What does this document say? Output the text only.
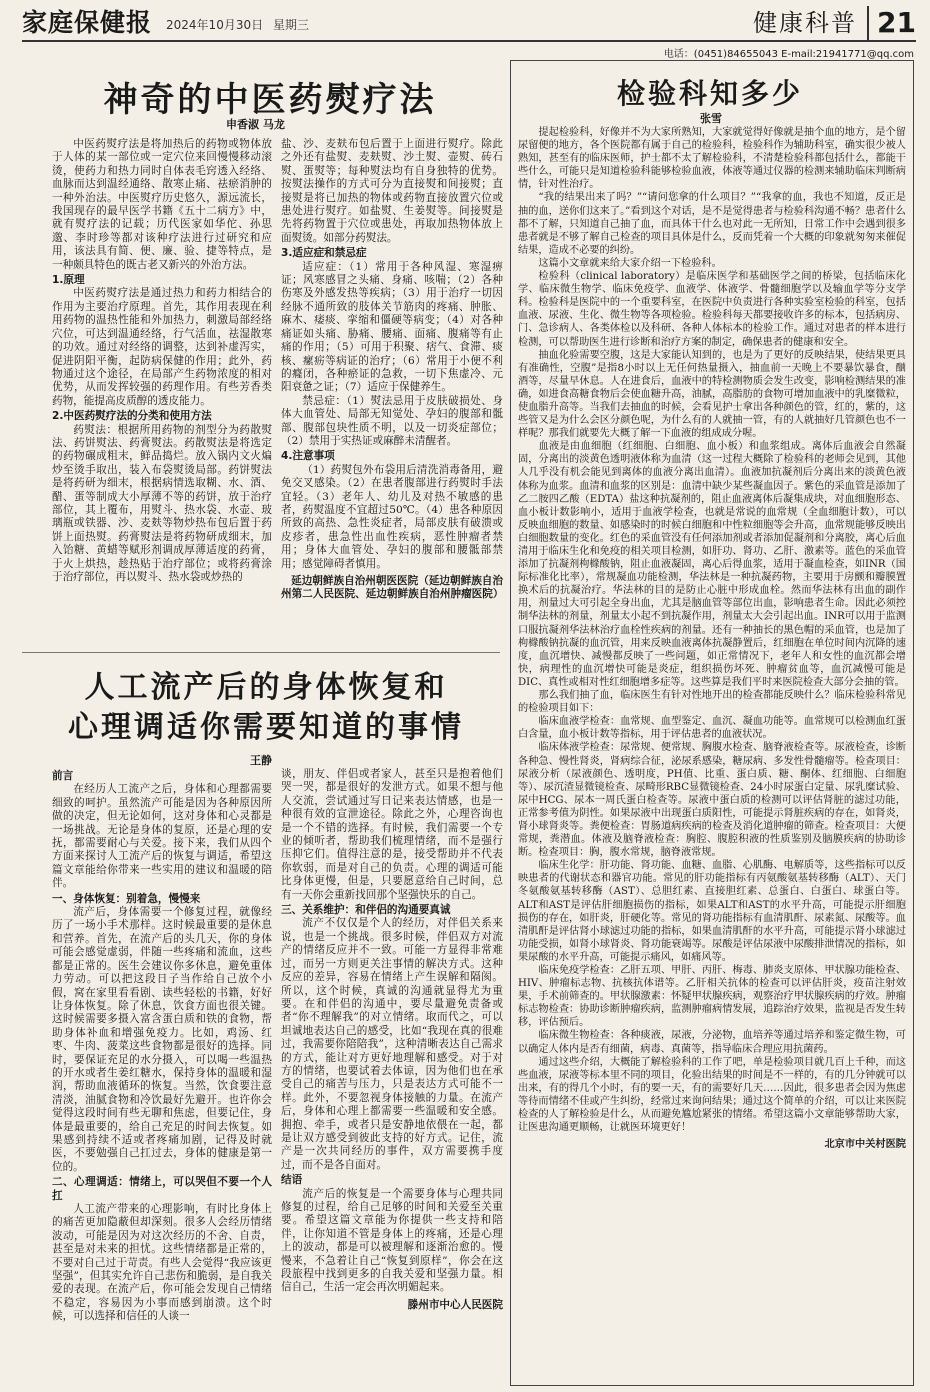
家庭保健报 2024年10月30日 星期三	健康科普 21
电话：(0451)84655043 E-mail:21941771@qq.com
神奇的中医药熨疗法
申香淑 马龙

中医药熨疗法是将加热后的药物或物体放于人体的某一部位或一定穴位来回慢慢移动滚烫，使药力和热力同时自体表毛窍透入经络、血脉而达到温经通络、散寒止痛、祛瘀消肿的一种外治法。中医熨疗历史悠久，源远流长，我国现存的最早医学书籍《五十二病方》中，就有熨疗法的记载；历代医家如华佗、孙思邈、李时珍等都对该种疗法进行过研究和应用，该法具有简、便、廉、验、捷等特点，是一种颇具特色的既古老又新兴的外治方法。

1.原理

中医药熨疗法是通过热力和药力相结合的作用为主要治疗原理。首先，其作用表现在利用药物的温热性能和外加热力，刺激局部经络穴位，可达到温通经络，行气活血，祛湿散寒的功效。通过对经络的调整，达到补虚泻实，促进阴阳平衡，起防病保健的作用；此外，药物通过这个途径，在局部产生药物浓度的相对优势，从而发挥较强的药理作用。有些芳香类药物，能提高皮质醇的透皮能力。

2.中医药熨疗法的分类和使用方法

药熨法：根据所用药物的剂型分为药散熨法、药饼熨法、药膏熨法。药散熨法是将选定的药物碾成粗末，鲜品捣烂。放入锅内文火煸炒至烫手取出，装入布袋熨烫局部。药饼熨法是将药研为细末，根据病情选取糊、水、酒、醋、蛋等制成大小厚薄不等的药饼，放于治疗部位，其上覆布，用熨斗、热水袋、水壶、玻璃瓶或铁器、沙、麦麸等物炒热布包后置于药饼上面热熨。药膏熨法是将药物研成细末，加入饴糖、黄蜡等赋形剂调成厚薄适度的药膏，于火上烘热，趁热贴于治疗部位；或将药膏涂于治疗部位，再以熨斗、热水袋或炒热的

盐、沙、麦麸布包后置于上面进行熨疗。除此之外还有盐熨、麦麸熨、沙土熨、壶熨、砖石熨、蛋熨等；每种熨法均有自身独特的优势。按熨法操作的方式可分为直接熨和间接熨；直接熨是将已加热的物体或药物直接放置穴位或患处进行熨疗。如盐熨、生姜熨等。间接熨是先将药物置于穴位或患处，再取加热物体放上面熨烫。如部分药熨法。

3.适应症和禁忌症

适应症：（1）常用于各种风湿、寒湿痹证；风寒感冒之头痛、身痛、咳喘；（2）各种伤寒及外感发热等疾病；（3）用于治疗一切因经脉不通所致的肢体关节筋肉的疼痛、肿胀、麻木、痿痰、挛缩和僵硬等病变；（4）对各种痛证如头痛、胁痛、腰痛、面痛、腹痛等有止痛的作用；（5）可用于积聚、痞气、食滞、痰核、瘰疬等病证的治疗；（6）常用于小便不利的癃闭，各种瘀证的急救，一切下焦虚冷、元阳衰惫之证；（7）适应于保健养生。

禁忌症：（1）熨法忌用于皮肤破损处、身体大血管处、局部无知觉处、孕妇的腹部和骶部、腹部包块性质不明，以及一切炎症部位；（2）禁用于实热证或麻醉未清醒者。

4.注意事项

（1）药熨包外布袋用后清洗消毒备用，避免交叉感染。（2）在患者腹部进行药熨时手法宜轻。（3）老年人、幼儿及对热不敏感的患者，药熨温度不宜超过50℃。（4）患各种原因所致的高热、急性炎症者，局部皮肤有破溃或皮疹者，患急性出血性疾病，恶性肿瘤者禁用；身体大血管处、孕妇的腹部和腰骶部禁用；感觉障碍者慎用。

延边朝鲜族自治州朝医医院（延边朝鲜族自治州第二人民医院、延边朝鲜族自治州肿瘤医院）

人工流产后的身体恢复和
心理调适你需要知道的事情
王静

前言

在经历人工流产之后，身体和心理都需要细致的呵护。虽然流产可能是因为各种原因所做的决定，但无论如何，这对身体和心灵都是一场挑战。无论是身体的复原，还是心理的安抚，都需要耐心与关爱。接下来，我们从四个方面来探讨人工流产后的恢复与调适，希望这篇文章能给你带来一些实用的建议和温暖的陪伴。

一、身体恢复：别着急，慢慢来

流产后，身体需要一个修复过程，就像经历了一场小手术那样。这时候最重要的是休息和营养。首先，在流产后的头几天，你的身体可能会感觉虚弱，伴随一些疼痛和流血，这些都是正常的。医生会建议你多休息，避免重体力劳动。可以把这段日子当作给自己放个小假，窝在家里看看剧、读些轻松的书籍，好好让身体恢复。除了休息，饮食方面也很关键。这时候需要多摄入富含蛋白质和铁的食物，帮助身体补血和增强免疫力。比如，鸡汤、红枣、牛肉、菠菜这些食物都是很好的选择。同时，要保证充足的水分摄入，可以喝一些温热的开水或者生姜红糖水，保持身体的温暖和湿润，帮助血液循环的恢复。当然，饮食要注意清淡，油腻食物和冷饮最好先避开。也许你会觉得这段时间有些无聊和焦虑，但要记住，身体是最重要的，给自己充足的时间去恢复。如果感到持续不适或者疼痛加剧，记得及时就医，不要勉强自己扛过去，身体的健康是第一位的。

二、心理调适：情绪上，可以哭但不要一个人扛

人工流产带来的心理影响，有时比身体上的痛苦更加隐蔽但却深刻。很多人会经历情绪波动，可能是因为对这次经历的不舍、自责，甚至是对未来的担忧。这些情绪都是正常的，不要对自己过于苛责。有些人会觉得“我应该更坚强”，但其实允许自己悲伤和脆弱，是自我关爱的表现。在流产后，你可能会发现自己情绪不稳定，容易因为小事而感到崩溃。这个时候，可以选择和信任的人谈一

谈，朋友、伴侣或者家人，甚至只是抱着他们哭一哭，都是很好的发泄方式。如果不想与他人交流，尝试通过写日记来表达情感，也是一种很有效的宣泄途径。除此之外，心理咨询也是一个不错的选择。有时候，我们需要一个专业的倾听者，帮助我们梳理情绪，而不是强行压抑它们。值得注意的是，接受帮助并不代表你软弱，而是对自己的负责。心理的调适可能比身体更慢，但是，只要愿意给自己时间，总有一天你会重新找回那个坚强快乐的自己。

三、关系维护：和伴侣的沟通要真诚

流产不仅仅是个人的经历，对伴侣关系来说，也是一个挑战。很多时候，伴侣双方对流产的情绪反应并不一致。可能一方显得非常难过，而另一方则更关注事情的解决方式。这种反应的差异，容易在情绪上产生误解和隔阂。所以，这个时候，真诚的沟通就显得尤为重要。在和伴侣的沟通中，要尽量避免责备或者“你不理解我”的对立情绪。取而代之，可以坦诚地表达自己的感受，比如“我现在真的很难过，我需要你陪陪我”，这种清晰表达自己需求的方式，能让对方更好地理解和感受。对于对方的情绪，也要试着去体谅，因为他们也在承受自己的痛苦与压力，只是表达方式可能不一样。此外，不要忽视身体接触的力量。在流产后，身体和心理上都需要一些温暖和安全感。拥抱、牵手，或者只是安静地依偎在一起，都是让双方感受到彼此支持的好方式。记住，流产是一次共同经历的事件，双方需要携手度过，而不是各自面对。

结语

流产后的恢复是一个需要身体与心理共同修复的过程，给自己足够的时间和关爱至关重要。希望这篇文章能为你提供一些支持和陪伴，让你知道不管是身体上的疼痛，还是心理上的波动，都是可以被理解和逐渐治愈的。慢慢来，不急着让自己“恢复到原样”，你会在这段旅程中找到更多的自我关爱和坚强力量。相信自己，生活一定会再次明媚起来。

滕州市中心人民医院

检验科知多少
张雪

提起检验科，好像并不为大家所熟知，大家就觉得好像就是抽个血的地方，是个留尿留便的地方，各个医院都有属于自己的检验科，检验科作为辅助科室，确实很少被人熟知，甚至有的临床医师，护士都不太了解检验科，不清楚检验科都包括什么，都能干些什么，可能只是知道检验科能够检验血液，体液等通过仪器的检测来辅助临床判断病情，针对性治疗。

“我的结果出来了吗？”“请问您拿的什么项目？”“我拿的血，我也不知道，反正是抽的血，送你们这来了。”看到这个对话，是不是觉得患者与检验科沟通不畅？患者什么都不了解，只知道自己抽了血，而具体干什么也对此一无所知，日常工作中会遇到很多患者就是不够了解自己检查的项目具体是什么，反而凭着一个大概的印象就匆匆来催促结果，造成不必要的纠纷。

这篇小文章就来给大家介绍一下检验科。

检验科（clinical laboratory）是临床医学和基础医学之间的桥梁，包括临床化学、临床微生物学、临床免疫学、血液学、体液学、骨髓细胞学以及输血学等分支学科。检验科是医院中的一个重要科室，在医院中负责进行各种实验室检验的科室，包括血液、尿液、生化、微生物等各项检验。检验科每天都要接收许多的标本，包括病房、门、急诊病人、各类体检以及科研、各种人体标本的检验工作。通过对患者的样本进行检测，可以帮助医生进行诊断和治疗方案的制定，确保患者的健康和安全。

抽血化验需要空腹，这是大家能认知到的，也是为了更好的反映结果，使结果更具有准确性，空腹”是指8小时以上无任何热量摄入，抽血前一天晚上不要暴饮暴食，酗酒等，尽量早休息。人在进食后，血液中的特检测物质会发生改变，影响检测结果的准确，如进食高糖食物后会使血糖升高，油腻，高脂肪的食物可增加血液中的乳糜微粒，使血脂升高等。当我们去抽血的时候，会看见护士拿出各种颜色的管，红的，紫的，这些管又是为什么会区分颜色呢，为什么有的人就抽一管，有的人就抽好几管颜色也不一样呢？那我们就要先大概了解一下血液的组成成分喔。

血液是由血细胞（红细胞、白细胞、血小板）和血浆组成。离体后血液会自然凝固，分离出的淡黄色透明液体称为血清（这一过程大概除了检验科的老师会见到，其他人几乎没有机会能见到离体的血液分离出血清）。血液加抗凝剂后分离出来的淡黄色液体称为血浆。血清和血浆的区别是：血清中缺少某些凝血因子。紫色的采血管是添加了乙二胺四乙酸（EDTA）盐这种抗凝剂的，阻止血液离体后凝集成块，对血细胞形态、血小板计数影响小，适用于血液学检查，也就是常说的血常规（全血细胞计数），可以反映血细胞的数量、如感染时的时候白细胞和中性粒细胞等会升高，血常规能够反映出白细胞数量的变化。红色的采血管没有任何添加剂或者添加促凝剂和分离胶，离心后血清用于临床生化和免疫的相关项目检测，如肝功、肾功、乙肝、激素等。蓝色的采血管添加了抗凝剂枸橼酸钠，阻止血液凝固，离心后得血浆，适用于凝血检查，如INR（国际标准化比率），常规凝血功能检测，华法林是一种抗凝药物，主要用于房颤和瓣膜置换术后的抗凝治疗。华法林的目的是防止心脏中形成血栓。然而华法林有出血的副作用，剂量过大可引起全身出血，尤其是脑血管等部位出血，影响患者生命。因此必须控制华法林的剂量，剂量太小起不到抗凝作用，剂量太大会引起出血。INR可以用于监测口服抗凝剂华法林治疗血栓性疾病的剂量。还有一种抽长的黑色帽的采血管，也是加了枸橼酸钠抗凝的血沉管，用来反映血液离体抗凝静置后，红细胞在单位时间内沉降的速度，血沉增快、减慢都反映了一些问题，如正常情况下，老年人和女性的血沉都会增快，病理性的血沉增快可能是炎症，组织损伤坏死、肿瘤贫血等，血沉减慢可能是DIC、真性或相对性红细胞增多症等。这些算是我们平时来医院检查大部分会抽的管。

那么我们抽了血，临床医生有针对性地开出的检查都能反映什么？临床检验科常见的检验项目如下：

临床血液学检查：血常规、血型鉴定、血沉、凝血功能等。血常规可以检测血红蛋白含量，血小板计数等指标，用于评估患者的血液状况。

临床体液学检查：尿常规、便常规、胸腹水检查、脑脊液检查等。尿液检查，诊断各种急、慢性肾炎，肾病综合征，泌尿系感染，糖尿病、多发性骨髓瘤等。检查项目：尿液分析（尿液颜色、透明度，PH值、比重、蛋白质、糖、酮体、红细胞、白细胞等）、尿沉渣显微镜检查、尿畸形RBC显微镜检查、24小时尿蛋白定量、尿乳糜试验、尿中HCG、尿本一周氏蛋白检查等。尿液中蛋白质的检测可以评估肾脏的滤过功能，正常参考值为阴性。如果尿液中出现蛋白质阳性，可能提示肾脏疾病的存在，如肾炎，肾小球肾炎等。粪便检查：胃肠道病疾病的检查及消化道肿瘤的筛查。检查项目：大便常规，粪潜血。体液及脑脊液检查：胸腔、腹腔积液的性质鉴别及脑膜疾病的协助诊断。检查项目：胸，腹水常规，脑脊液常规。

临床生化学：肝功能、肾功能、血糖、血脂、心肌酶、电解质等，这些指标可以反映患者的代谢状态和器官功能。常见的肝功能指标有丙氨酸氨基转移酶（ALT）、天门冬氨酸氨基转移酶（AST）、总胆红素、直接胆红素、总蛋白、白蛋白、球蛋白等。ALT和AST是评估肝细胞损伤的指标，如果ALT和AST的水平升高，可能提示肝细胞损伤的存在，如肝炎，肝硬化等。常见的肾功能指标有血清肌酐、尿素氮、尿酸等。血清肌酐是评估肾小球滤过功能的指标，如果血清肌酐的水平升高，可能提示肾小球滤过功能受损，如肾小球肾炎、肾功能衰竭等。尿酸是评估尿液中尿酸排泄情况的指标，如果尿酸的水平升高，可能提示痛风，如痛风等。

临床免疫学检查：乙肝五项、甲肝、丙肝、梅毒、肺炎支原体、甲状腺功能检查、HIV、肿瘤标志物、抗核抗体谱等。乙肝相关抗体的检查可以评估肝炎，疫苗注射效果，手术前筛查的。甲状腺激素：怀疑甲状腺疾病，观察治疗甲状腺疾病的疗效。肿瘤标志物检查：协助诊断肿瘤疾病，监测肿瘤病情发展，追踪治疗效果，监视是否发生转移，评估预后。

临床微生物检查：各种痰液，尿液，分泌物，血培养等通过培养和鉴定微生物，可以确定人体内是否有细菌，病毒、真菌等，指导临床合理应用抗菌药。

通过这些介绍，大概能了解检验科的工作了吧，单是检验项目就几百上千种，而这些血液，尿液等标本里不同的项目，化验出结果的时间是不一样的，有的几分钟就可以出来，有的得几个小时，有的要一天，有的需要好几天……因此，很多患者会因为焦虑等待而情绪不佳或产生纠纷，经常过来询问结果；通过这个简单的介绍，可以让来医院检查的人了解检验是什么，从而避免尴尬紧张的情绪。希望这篇小文章能够帮助大家，让医患沟通更顺畅，让就医环境更好！

北京市中关村医院
